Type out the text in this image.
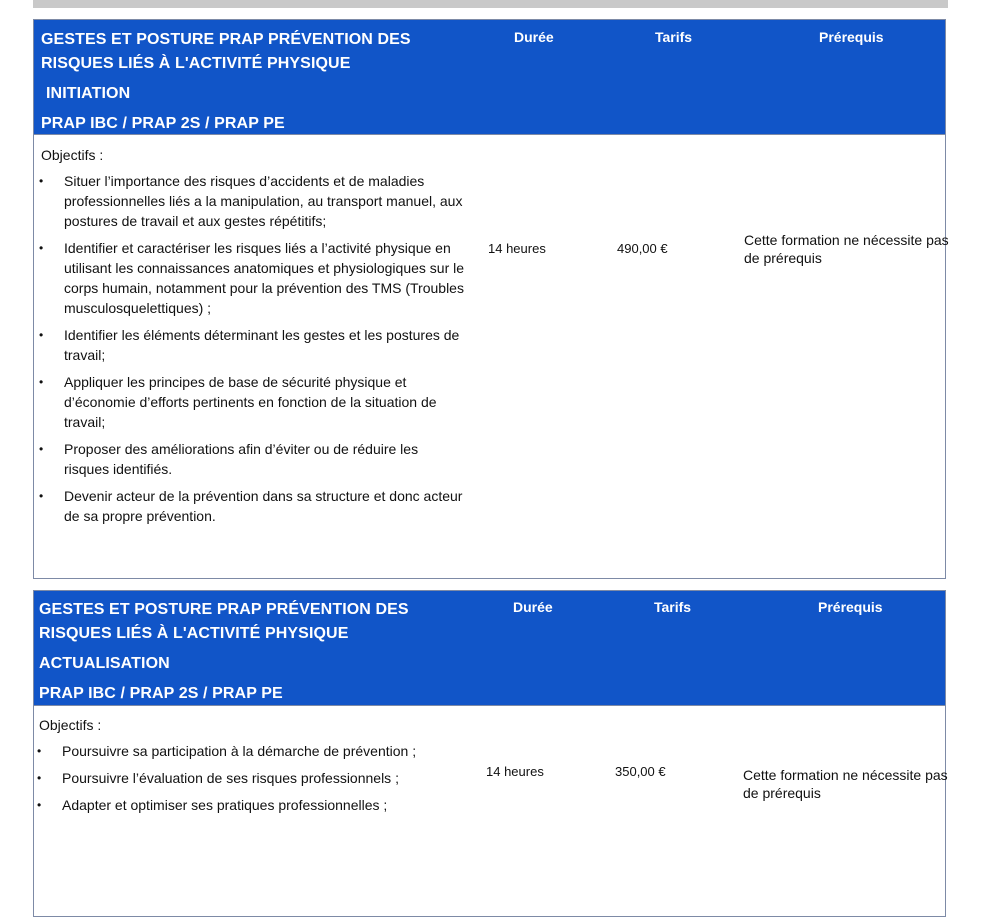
GESTES ET POSTURE PRAP PRÉVENTION DES
RISQUES LIÉS À L'ACTIVITÉ PHYSIQUE
INITIATION
PRAP IBC / PRAP 2S / PRAP PE
Durée	Tarifs	Prérequis
Objectifs :
• Situer l’importance des risques d’accidents et de maladies professionnelles liés a la manipulation, au transport manuel, aux postures de travail et aux gestes répétitifs;
• Identifier et caractériser les risques liés a l’activité physique en utilisant les connaissances anatomiques et physiologiques sur le corps humain, notamment pour la prévention des TMS (Troubles musculosquelettiques) ;
• Identifier les éléments déterminant les gestes et les postures de travail;
• Appliquer les principes de base de sécurité physique et d’économie d’efforts pertinents en fonction de la situation de travail;
• Proposer des améliorations afin d’éviter ou de réduire les risques identifiés.
• Devenir acteur de la prévention dans sa structure et donc acteur de sa propre prévention.
14 heures	490,00 €
Cette formation ne nécessite pas de prérequis
GESTES ET POSTURE PRAP PRÉVENTION DES
RISQUES LIÉS À L'ACTIVITÉ PHYSIQUE
ACTUALISATION
PRAP IBC / PRAP 2S / PRAP PE
Durée	Tarifs	Prérequis
Objectifs :
• Poursuivre sa participation à la démarche de prévention ;
• Poursuivre l’évaluation de ses risques professionnels ;
• Adapter et optimiser ses pratiques professionnelles ;
14 heures	350,00 €	Cette formation ne nécessite pas de prérequis
